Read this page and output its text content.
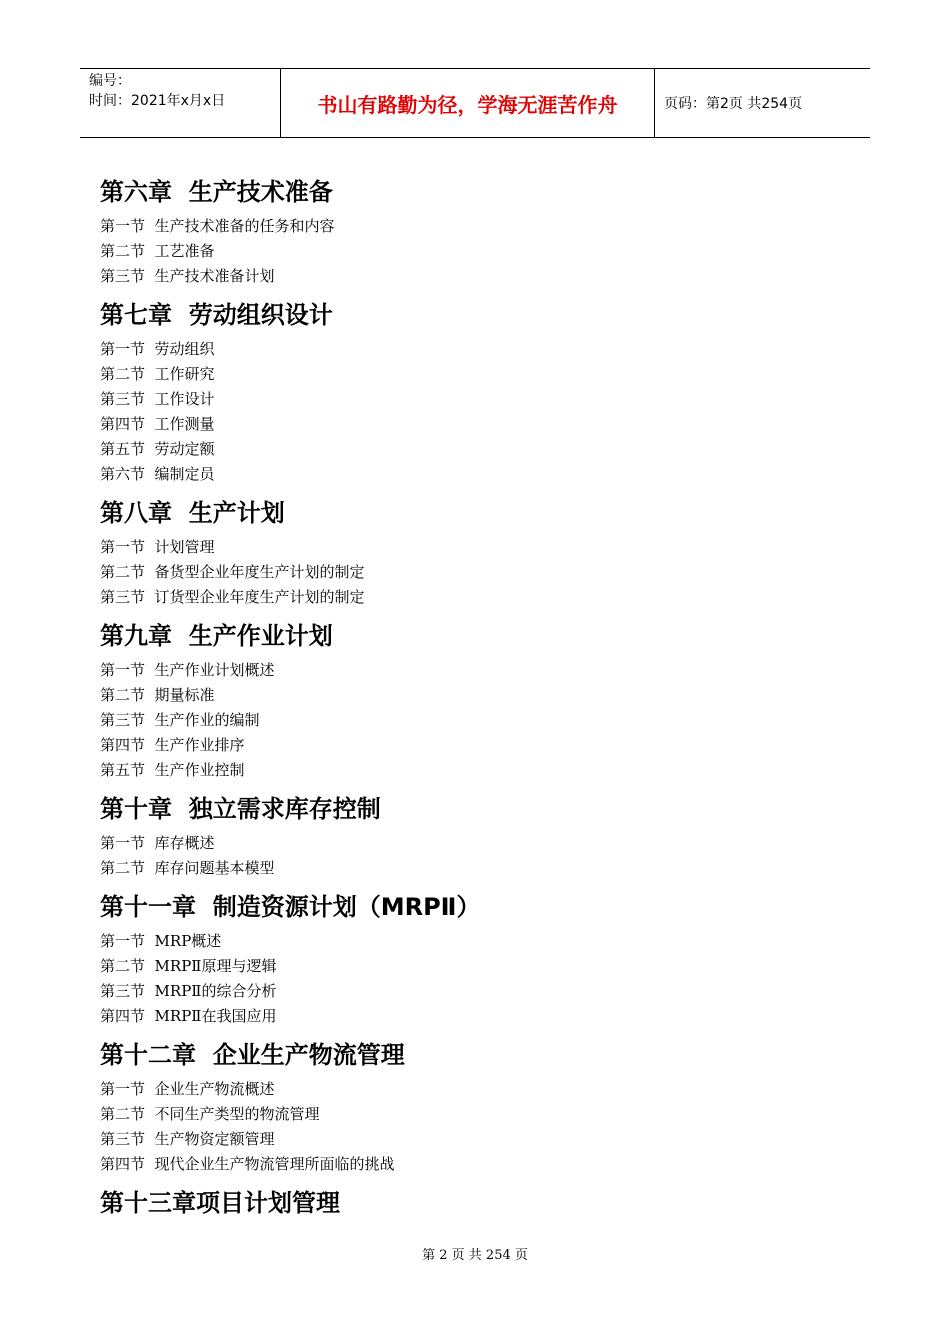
编号：
时间：2021年x月x日	书山有路勤为径，学海无涯苦作舟	页码：第2页 共254页
第六章  生产技术准备
第一节  生产技术准备的任务和内容
第二节  工艺准备
第三节  生产技术准备计划
第七章  劳动组织设计
第一节  劳动组织
第二节  工作研究
第三节  工作设计
第四节  工作测量
第五节  劳动定额
第六节  编制定员
第八章  生产计划
第一节  计划管理
第二节  备货型企业年度生产计划的制定
第三节  订货型企业年度生产计划的制定
第九章  生产作业计划
第一节  生产作业计划概述
第二节  期量标准
第三节  生产作业的编制
第四节  生产作业排序
第五节  生产作业控制
第十章  独立需求库存控制
第一节  库存概述
第二节  库存问题基本模型
第十一章  制造资源计划（MRPⅡ）
第一节  MRP概述
第二节  MRPⅡ原理与逻辑
第三节  MRPⅡ的综合分析
第四节  MRPⅡ在我国应用
第十二章  企业生产物流管理
第一节  企业生产物流概述
第二节  不同生产类型的物流管理
第三节  生产物资定额管理
第四节  现代企业生产物流管理所面临的挑战
第十三章项目计划管理
第 2 页 共 254 页
